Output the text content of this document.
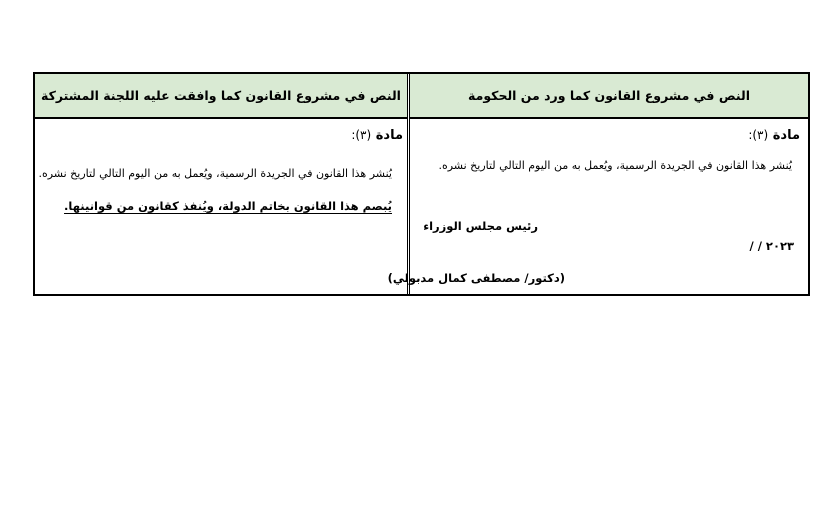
النص في مشروع القانون كما ورد من الحكومة
مادة (٣):
يُنشر هذا القانون في الجريدة الرسمية، ويُعمل به من اليوم التالي لتاريخ نشره.
رئيس مجلس الوزراء
/ / ٢٠٢٣
(دكتور/ مصطفى كمال مدبولي)
النص في مشروع القانون كما وافقت عليه اللجنة المشتركة
مادة (٣):
يُنشر هذا القانون في الجريدة الرسمية، ويُعمل به من اليوم التالي لتاريخ نشره.
يُبصم هذا القانون بخاتم الدولة، ويُنفذ كقانون من قوانينها.
